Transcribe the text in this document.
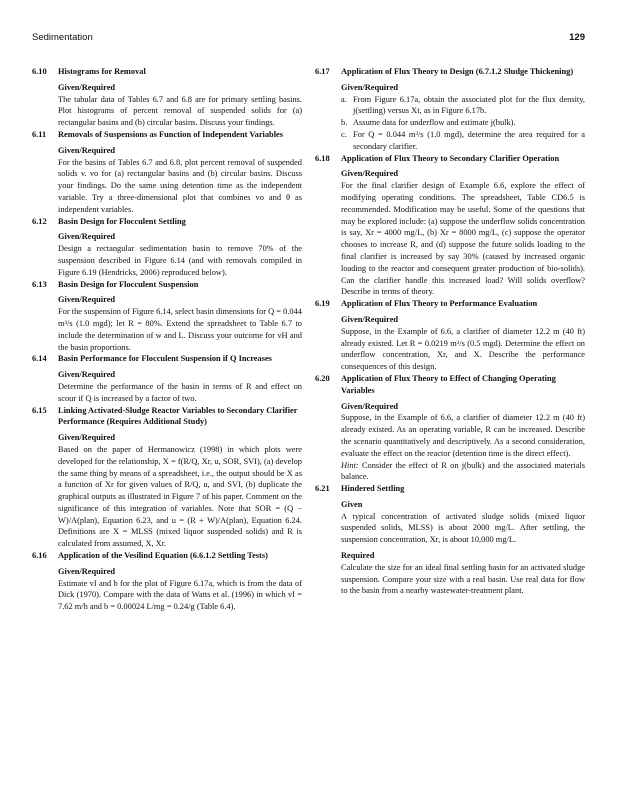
Sedimentation	129
6.10	Histograms for Removal
Given/Required

The tabular data of Tables 6.7 and 6.8 are for primary settling basins. Plot histograms of percent removal of suspended solids for (a) rectangular basins and (b) circular basins. Discuss your findings.

6.11	Removals of Suspensions as Function of Independent Variables
Given/Required

For the basins of Tables 6.7 and 6.8, plot percent removal of suspended solids v. vo for (a) rectangular basins and (b) circular basins. Discuss your findings. Do the same using detention time as the independent variable. Try a three-dimensional plot that combines vo and θ as independent variables.

6.12	Basin Design for Flocculent Settling
Given/Required

Design a rectangular sedimentation basin to remove 70% of the suspension described in Figure 6.14 (and with removals compiled in Figure 6.19 (Hendricks, 2006) reproduced below).

6.13	Basin Design for Flocculent Suspension
Given/Required

For the suspension of Figure 6.14, select basin dimensions for Q = 0.044 m³/s (1.0 mgd); let R = 80%. Extend the spreadsheet to Table 6.7 to include the determination of w and L. Discuss your outcome for vH and the basin proportions.

6.14	Basin Performance for Flocculent Suspension if Q Increases
Given/Required

Determine the performance of the basin in terms of R and effect on scour if Q is increased by a factor of two.

6.15	Linking Activated-Sludge Reactor Variables to Secondary Clarifier Performance (Requires Additional Study)
Given/Required

Based on the paper of Hermanowicz (1998) in which plots were developed for the relationship, X = f(R/Q, Xr, u, SOR, SVI), (a) develop the same thing by means of a spreadsheet, i.e., the output should be X as a function of Xr for given values of R/Q, u, and SVI, (b) duplicate the graphical outputs as illustrated in Figure 7 of his paper. Comment on the significance of this integration of variables. Note that SOR = (Q − W)/A(plan), Equation 6.23, and u = (R + W)/A(plan), Equation 6.24. Definitions are X = MLSS (mixed liquor suspended solids) and R is calculated from assumed, X, Xr.

6.16	Application of the Vesilind Equation (6.6.1.2 Settling Tests)
Given/Required

Estimate vI and b for the plot of Figure 6.17a, which is from the data of Dick (1970). Compare with the data of Watts et al. (1996) in which vI = 7.62 m/h and b = 0.00024 L/mg = 0.24/g (Table 6.4).

6.17	Application of Flux Theory to Design (6.7.1.2 Sludge Thickening)
Given/Required
a. From Figure 6.17a, obtain the associated plot for the flux density, j(settling) versus Xt, as in Figure 6.17b.
b. Assume data for underflow and estimate j(bulk).
c. For Q = 0.044 m³/s (1.0 mgd), determine the area required for a secondary clarifier.
6.18	Application of Flux Theory to Secondary Clarifier Operation
Given/Required

For the final clarifier design of Example 6.6, explore the effect of modifying operating conditions. The spreadsheet, Table CD6.5 is recommended. Modification may be useful. Some of the questions that may be explored include: (a) suppose the underflow solids concentration is say, Xr = 4000 mg/L, (b) Xr = 8000 mg/L, (c) suppose the operator chooses to increase R, and (d) suppose the future solids loading to the final clarifier is increased by say 30% (caused by increased organic loading to the reactor and consequent greater production of bio-solids). Can the clarifier handle this increased load? Will solids overflow? Describe in terms of theory.

6.19	Application of Flux Theory to Performance Evaluation
Given/Required

Suppose, in the Example of 6.6, a clarifier of diameter 12.2 m (40 ft) already existed. Let R = 0.0219 m³/s (0.5 mgd). Determine the effect on underflow concentration, Xr, and X. Describe the performance consequences of this design.

6.20	Application of Flux Theory to Effect of Changing Operating Variables
Given/Required

Suppose, in the Example of 6.6, a clarifier of diameter 12.2 m (40 ft) already existed. As an operating variable, R can be increased. Describe the scenario quantitatively and descriptively. As a second consideration, evaluate the effect on the reactor (detention time is the direct effect).

Hint: Consider the effect of R on j(bulk) and the associated materials balance.

6.21	Hindered Settling
Given

A typical concentration of activated sludge solids (mixed liquor suspended solids, MLSS) is about 2000 mg/L. After settling, the suspension concentration, Xr, is about 10,000 mg/L.

Required

Calculate the size for an ideal final settling basin for an activated sludge suspension. Compare your size with a real basin. Use real data for flow to the basin from a nearby wastewater-treatment plant.
